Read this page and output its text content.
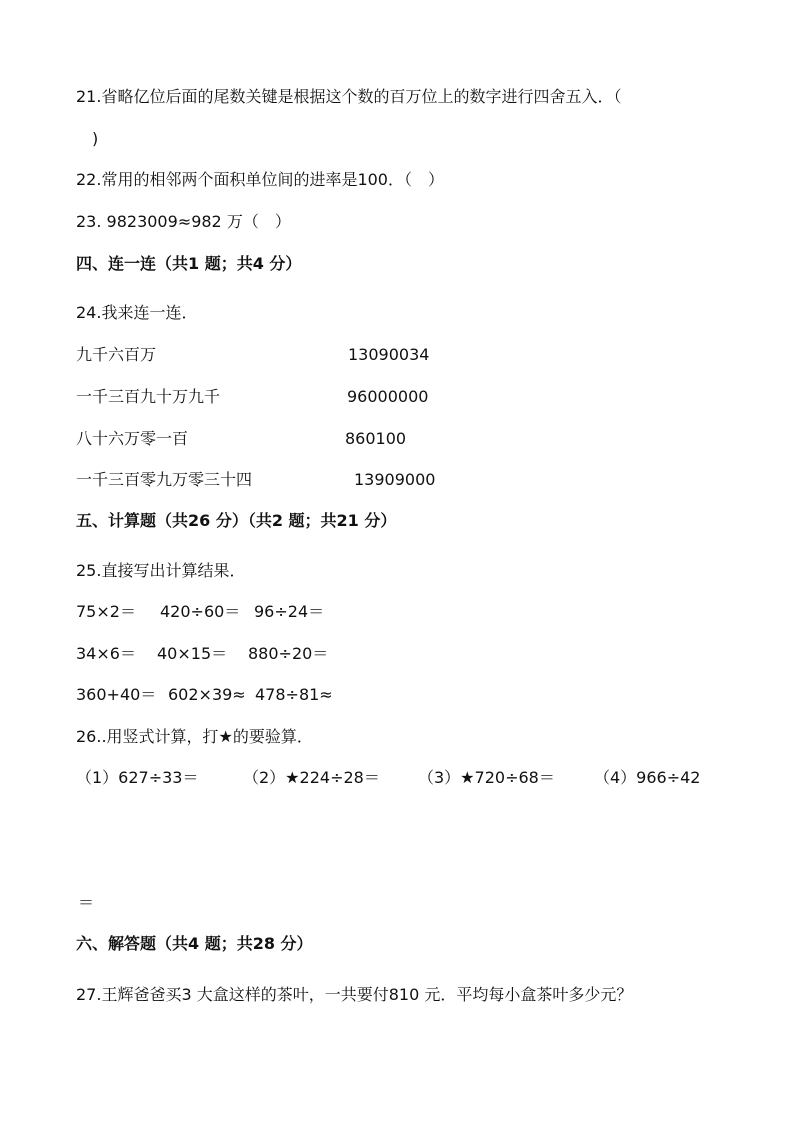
21.省略亿位后面的尾数关键是根据这个数的百万位上的数字进行四舍五入．（
)
22.常用的相邻两个面积单位间的进率是100．（　）
23. 9823009≈982 万（　）
四、连一连（共1 题；共4 分）
24.我来连一连．
九千六百万	13090034
一千三百九十万九千	96000000
八十六万零一百	860100
一千三百零九万零三十四	13909000
五、计算题（共26 分）（共2 题；共21 分）
25.直接写出计算结果．
75×2＝ 420÷60＝ 96÷24＝
34×6＝ 40×15＝ 880÷20＝
360+40＝ 602×39≈ 478÷81≈
26..用竖式计算，打★的要验算．
（1）627÷33＝	（2）★224÷28＝ （3）★720÷68＝ （4）966÷42
＝
六、解答题（共4 题；共28 分）
27.王辉爸爸买3 大盒这样的茶叶，一共要付810 元．平均每小盒茶叶多少元？
